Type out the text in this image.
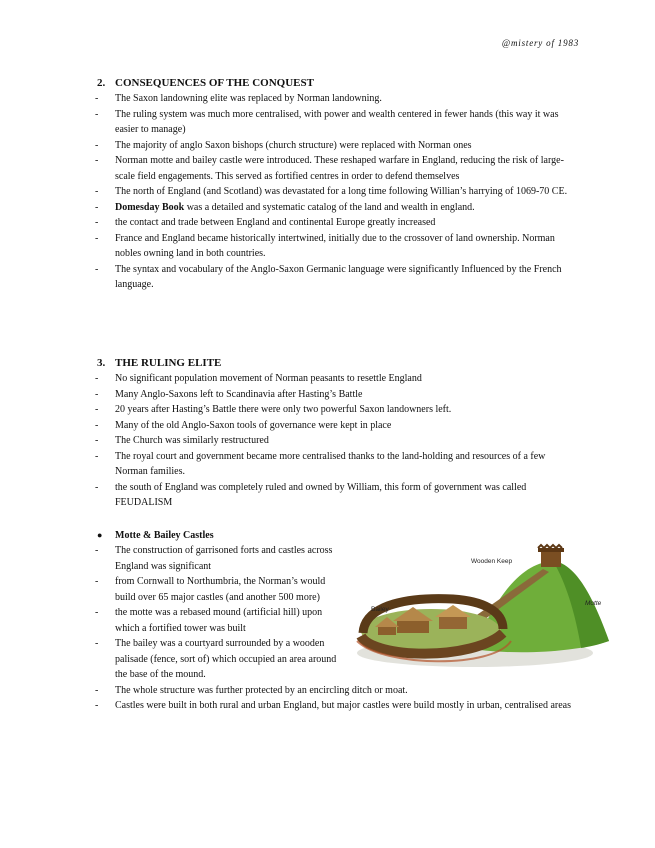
@mistery of 1983
2. CONSEQUENCES OF THE CONQUEST
- The Saxon landowning elite was replaced by Norman landowning.
- The ruling system was much more centralised, with power and wealth centered in fewer hands (this way it was easier to manage)
- The majority of anglo Saxon bishops (church structure) were replaced with Norman ones
- Norman motte and bailey castle were introduced. These reshaped warfare in England, reducing the risk of large-scale field engagements. This served as fortified centres in order to defend themselves
- The north of England (and Scotland) was devastated for a long time following Willian’s harrying of 1069-70 CE.
- Domesday Book was a detailed and systematic catalog of the land and wealth in england.
- the contact and trade between England and continental Europe greatly increased
- France and England became historically intertwined, initially due to the crossover of land ownership. Norman nobles owning land in both countries.
- The syntax and vocabulary of the Anglo-Saxon Germanic language were significantly Influenced by the French language.
3. THE RULING ELITE
- No significant population movement of Norman peasants to resettle England
- Many Anglo-Saxons left to Scandinavia after Hasting’s Battle
- 20 years after Hasting’s Battle there were only two powerful Saxon landowners left.
- Many of the old Anglo-Saxon tools of governance were kept in place
- The Church was similarly restructured
- The royal court and government became more centralised thanks to the land-holding and resources of a few Norman families.
- the south of England was completely ruled and owned by William, this form of government was called FEUDALISM
●	Motte & Bailey Castles
- The construction of garrisoned forts and castles across England was significant
- from Cornwall to Northumbria, the Norman’s would build over 65 major castles (and another 500 more)
- the motte was a rebased mound (artificial hill) upon which a fortified tower was built
- The bailey was a courtyard surrounded by a wooden palisade (fence, sort of) which occupied an area around the base of the mound.
- The whole structure was further protected by an encircling ditch or moat.
- Castles were built in both rural and urban England, but major castles were build mostly in urban, centralised areas
Wooden Keep
Bailey
Motte
